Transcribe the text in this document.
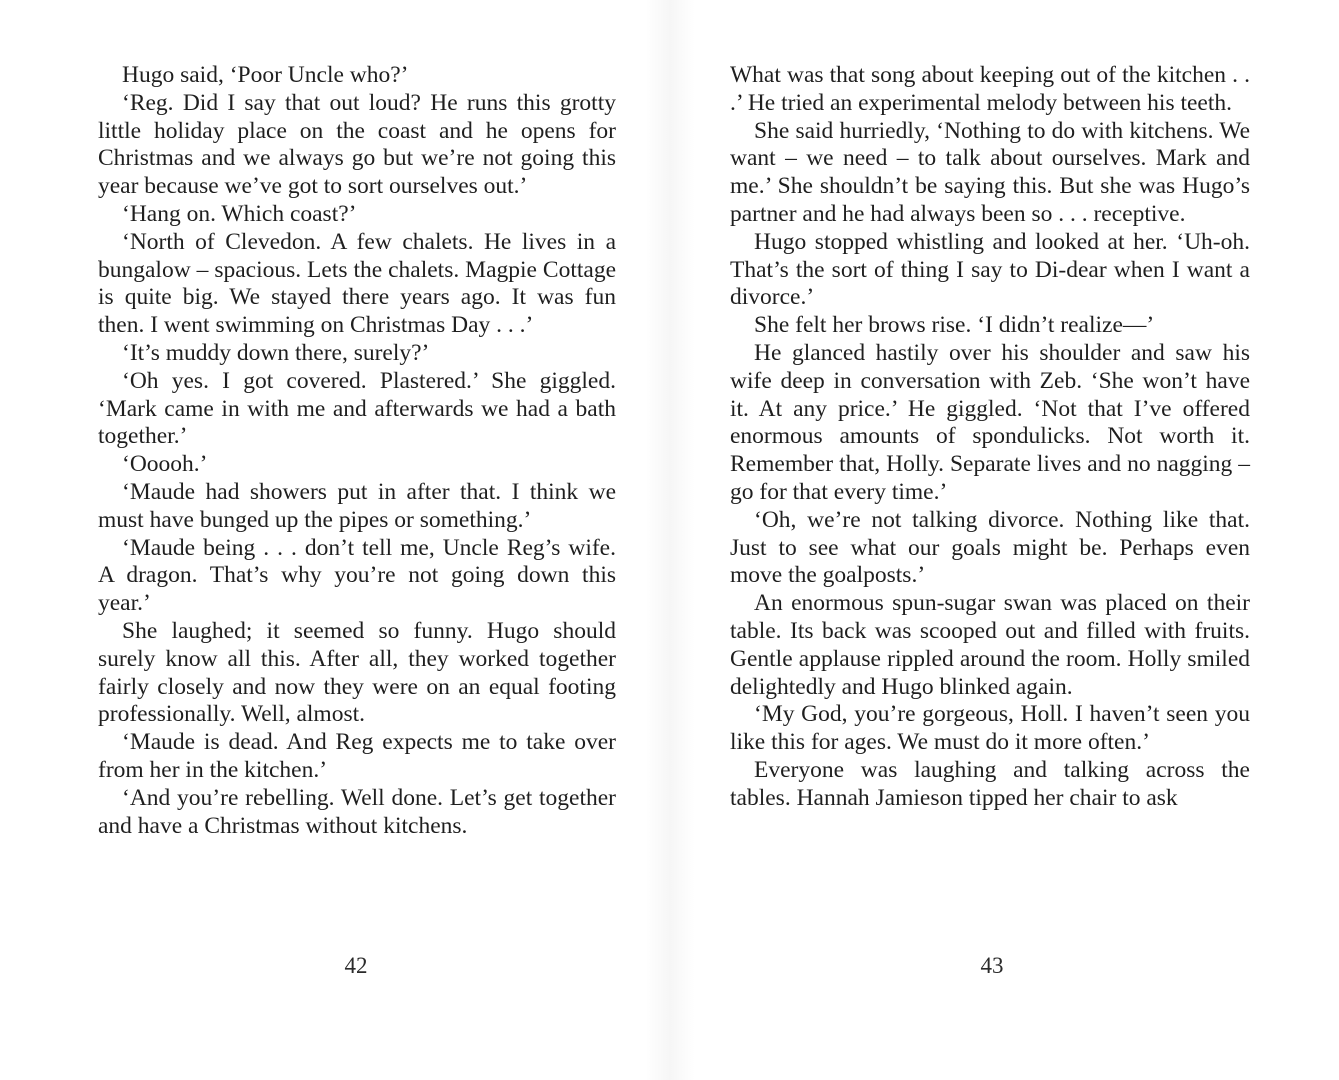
Hugo said, ‘Poor Uncle who?’

‘Reg. Did I say that out loud? He runs this grotty little holiday place on the coast and he opens for Christmas and we always go but we’re not going this year because we’ve got to sort ourselves out.’

‘Hang on. Which coast?’

‘North of Clevedon. A few chalets. He lives in a bungalow – spacious. Lets the chalets. Magpie Cottage is quite big. We stayed there years ago. It was fun then. I went swimming on Christmas Day . . .’

‘It’s muddy down there, surely?’

‘Oh yes. I got covered. Plastered.’ She giggled. ‘Mark came in with me and afterwards we had a bath together.’

‘Ooooh.’

‘Maude had showers put in after that. I think we must have bunged up the pipes or something.’

‘Maude being . . . don’t tell me, Uncle Reg’s wife. A dragon. That’s why you’re not going down this year.’

She laughed; it seemed so funny. Hugo should surely know all this. After all, they worked together fairly closely and now they were on an equal footing professionally. Well, almost.

‘Maude is dead. And Reg expects me to take over from her in the kitchen.’

‘And you’re rebelling. Well done. Let’s get together and have a Christmas without kitchens.

What was that song about keeping out of the kitchen . . .’ He tried an experimental melody between his teeth.

She said hurriedly, ‘Nothing to do with kitchens. We want – we need – to talk about ourselves. Mark and me.’ She shouldn’t be saying this. But she was Hugo’s partner and he had always been so . . . receptive.

Hugo stopped whistling and looked at her. ‘Uh-oh. That’s the sort of thing I say to Di-dear when I want a divorce.’

She felt her brows rise. ‘I didn’t realize—’

He glanced hastily over his shoulder and saw his wife deep in conversation with Zeb. ‘She won’t have it. At any price.’ He giggled. ‘Not that I’ve offered enormous amounts of spondulicks. Not worth it. Remember that, Holly. Separate lives and no nagging – go for that every time.’

‘Oh, we’re not talking divorce. Nothing like that. Just to see what our goals might be. Perhaps even move the goalposts.’

An enormous spun-sugar swan was placed on their table. Its back was scooped out and filled with fruits. Gentle applause rippled around the room. Holly smiled delightedly and Hugo blinked again.

‘My God, you’re gorgeous, Holl. I haven’t seen you like this for ages. We must do it more often.’

Everyone was laughing and talking across the tables. Hannah Jamieson tipped her chair to ask

42	43
